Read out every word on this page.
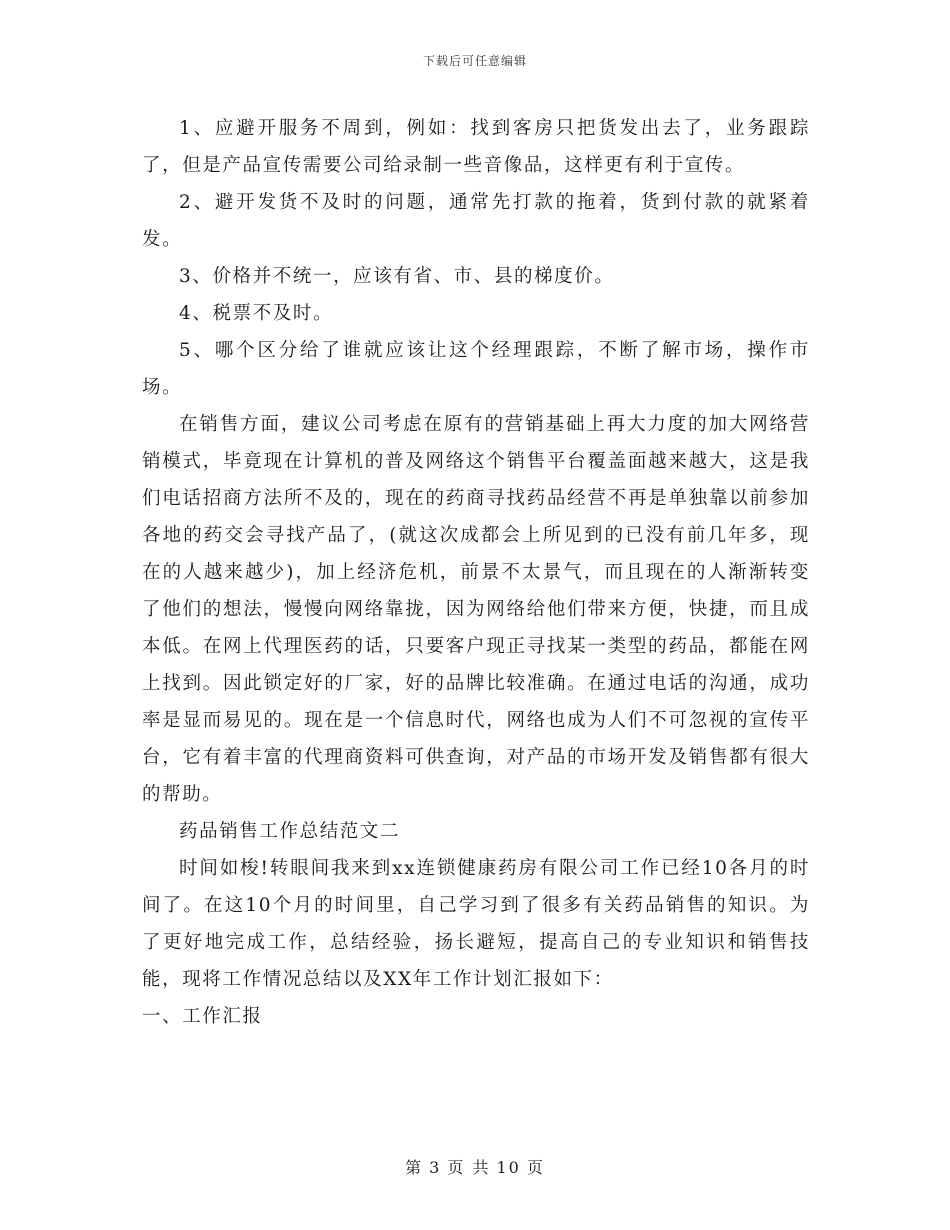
下载后可任意编辑

1、应避开服务不周到，例如：找到客房只把货发出去了，业务跟踪了，但是产品宣传需要公司给录制一些音像品，这样更有利于宣传。

2、避开发货不及时的问题，通常先打款的拖着，货到付款的就紧着发。

3、价格并不统一，应该有省、市、县的梯度价。

4、税票不及时。

5、哪个区分给了谁就应该让这个经理跟踪，不断了解市场，操作市场。

在销售方面，建议公司考虑在原有的营销基础上再大力度的加大网络营销模式，毕竟现在计算机的普及网络这个销售平台覆盖面越来越大，这是我们电话招商方法所不及的，现在的药商寻找药品经营不再是单独靠以前参加各地的药交会寻找产品了，(就这次成都会上所见到的已没有前几年多，现在的人越来越少)，加上经济危机，前景不太景气，而且现在的人渐渐转变了他们的想法，慢慢向网络靠拢，因为网络给他们带来方便，快捷，而且成本低。在网上代理医药的话，只要客户现正寻找某一类型的药品，都能在网上找到。因此锁定好的厂家，好的品牌比较准确。在通过电话的沟通，成功率是显而易见的。现在是一个信息时代，网络也成为人们不可忽视的宣传平台，它有着丰富的代理商资料可供查询，对产品的市场开发及销售都有很大的帮助。

药品销售工作总结范文二

时间如梭!转眼间我来到xx连锁健康药房有限公司工作已经10各月的时间了。在这10个月的时间里，自己学习到了很多有关药品销售的知识。为了更好地完成工作，总结经验，扬长避短，提高自己的专业知识和销售技能，现将工作情况总结以及XX年工作计划汇报如下：

一、工作汇报

第 3 页 共 10 页
